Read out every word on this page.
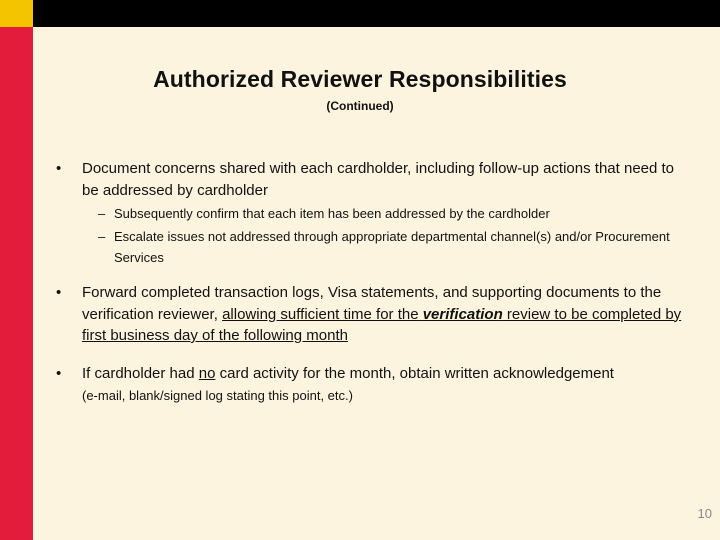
Authorized Reviewer Responsibilities
(Continued)
• Document concerns shared with each cardholder, including follow-up actions that need to be addressed by cardholder
– Subsequently confirm that each item has been addressed by the cardholder
– Escalate issues not addressed through appropriate departmental channel(s) and/or Procurement Services
• Forward completed transaction logs, Visa statements, and supporting documents to the verification reviewer, allowing sufficient time for the verification review to be completed by first business day of the following month
• If cardholder had no card activity for the month, obtain written acknowledgement
(e-mail, blank/signed log stating this point, etc.)
10
